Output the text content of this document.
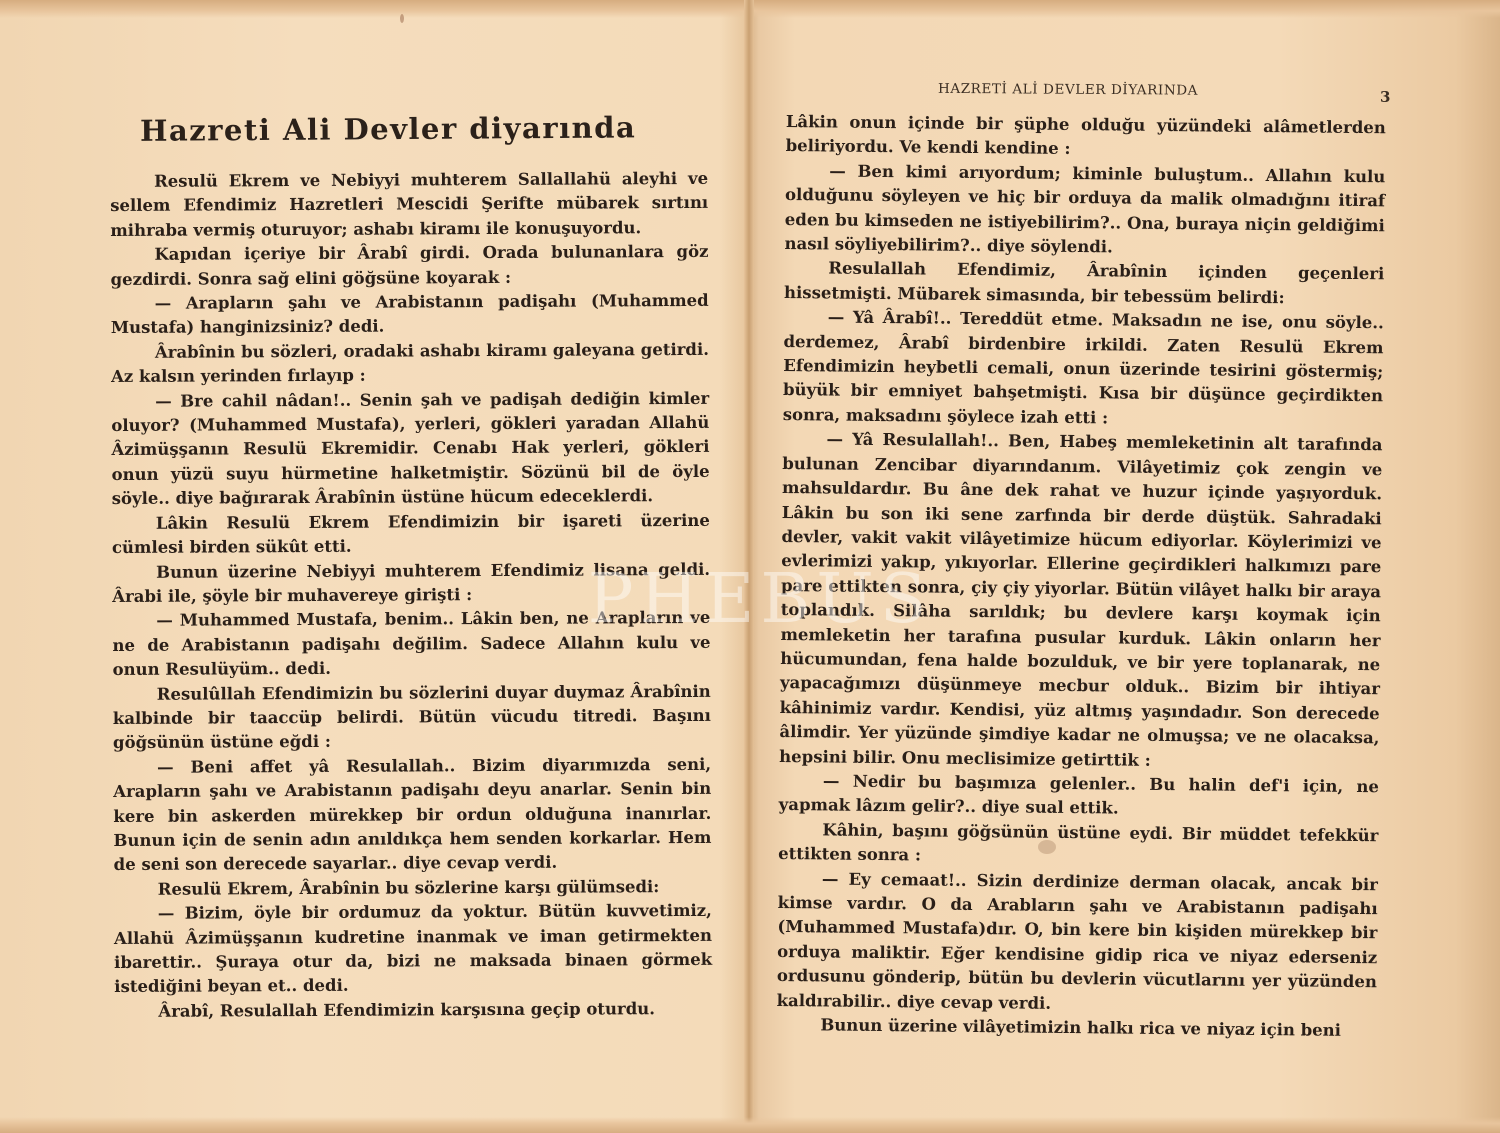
Hazreti Ali Devler diyarında

Resulü Ekrem ve Nebiyyi muhterem Sallallahü aleyhi ve sellem Efendimiz Hazretleri Mescidi Şerifte mübarek sırtını mihraba vermiş oturuyor; ashabı kiramı ile konuşuyordu.

Kapıdan içeriye bir Ârabî girdi. Orada bulunanlara göz gezdirdi. Sonra sağ elini göğsüne koyarak :

— Arapların şahı ve Arabistanın padişahı (Muhammed Mustafa) hanginizsiniz? dedi.

Ârabînin bu sözleri, oradaki ashabı kiramı galeyana getirdi. Az kalsın yerinden fırlayıp :

— Bre cahil nâdan!.. Senin şah ve padişah dediğin kimler oluyor? (Muhammed Mustafa), yerleri, gökleri yaradan Allahü Âzimüşşanın Resulü Ekremidir. Cenabı Hak yerleri, gökleri onun yüzü suyu hürmetine halketmiştir. Sözünü bil de öyle söyle.. diye bağırarak Ârabînin üstüne hücum edeceklerdi.

Lâkin Resulü Ekrem Efendimizin bir işareti üzerine cümlesi birden sükût etti.

Bunun üzerine Nebiyyi muhterem Efendimiz lisana geldi. Ârabi ile, şöyle bir muhavereye girişti :

— Muhammed Mustafa, benim.. Lâkin ben, ne Arapların ve ne de Arabistanın padişahı değilim. Sadece Allahın kulu ve onun Resulüyüm.. dedi.

Resulûllah Efendimizin bu sözlerini duyar duymaz Ârabînin kalbinde bir taaccüp belirdi. Bütün vücudu titredi. Başını göğsünün üstüne eğdi :

— Beni affet yâ Resulallah.. Bizim diyarımızda seni, Arapların şahı ve Arabistanın padişahı deyu anarlar. Senin bin kere bin askerden mürekkep bir ordun olduğuna inanırlar. Bunun için de senin adın anıldıkça hem senden korkarlar. Hem de seni son derecede sayarlar.. diye cevap verdi.

Resulü Ekrem, Ârabînin bu sözlerine karşı gülümsedi:

— Bizim, öyle bir ordumuz da yoktur. Bütün kuvvetimiz, Allahü Âzimüşşanın kudretine inanmak ve iman getirmekten ibarettir.. Şuraya otur da, bizi ne maksada binaen görmek istediğini beyan et.. dedi.

Ârabî, Resulallah Efendimizin karşısına geçip oturdu.

HAZRETİ ALİ DEVLER DİYARINDA	3

Lâkin onun içinde bir şüphe olduğu yüzündeki alâmetlerden beliriyordu. Ve kendi kendine :

— Ben kimi arıyordum; kiminle buluştum.. Allahın kulu olduğunu söyleyen ve hiç bir orduya da malik olmadığını itiraf eden bu kimseden ne istiyebilirim?.. Ona, buraya niçin geldiğimi nasıl söyliyebilirim?.. diye söylendi.

Resulallah Efendimiz, Ârabînin içinden geçenleri hissetmişti. Mübarek simasında, bir tebessüm belirdi:

— Yâ Ârabî!.. Tereddüt etme. Maksadın ne ise, onu söyle.. derdemez, Ârabî birdenbire irkildi. Zaten Resulü Ekrem Efendimizin heybetli cemali, onun üzerinde tesirini göstermiş; büyük bir emniyet bahşetmişti. Kısa bir düşünce geçirdikten sonra, maksadını şöylece izah etti :

— Yâ Resulallah!.. Ben, Habeş memleketinin alt tarafında bulunan Zencibar diyarındanım. Vilâyetimiz çok zengin ve mahsuldardır. Bu âne dek rahat ve huzur içinde yaşıyorduk. Lâkin bu son iki sene zarfında bir derde düştük. Sahradaki devler, vakit vakit vilâyetimize hücum ediyorlar. Köylerimizi ve evlerimizi yakıp, yıkıyorlar. Ellerine geçirdikleri halkımızı pare pare ettikten sonra, çiy çiy yiyorlar. Bütün vilâyet halkı bir araya toplandık. Silâha sarıldık; bu devlere karşı koymak için memleketin her tarafına pusular kurduk. Lâkin onların her hücumundan, fena halde bozulduk, ve bir yere toplanarak, ne yapacağımızı düşünmeye mecbur olduk.. Bizim bir ihtiyar kâhinimiz vardır. Kendisi, yüz altmış yaşındadır. Son derecede âlimdir. Yer yüzünde şimdiye kadar ne olmuşsa; ve ne olacaksa, hepsini bilir. Onu meclisimize getirttik :

— Nedir bu başımıza gelenler.. Bu halin def'i için, ne yapmak lâzım gelir?.. diye sual ettik.

Kâhin, başını göğsünün üstüne eydi. Bir müddet tefekkür ettikten sonra :

— Ey cemaat!.. Sizin derdinize derman olacak, ancak bir kimse vardır. O da Arabların şahı ve Arabistanın padişahı (Muhammed Mustafa)dır. O, bin kere bin kişiden mürekkep bir orduya maliktir. Eğer kendisine gidip rica ve niyaz ederseniz ordusunu gönderip, bütün bu devlerin vücutlarını yer yüzünden kaldırabilir.. diye cevap verdi.

Bunun üzerine vilâyetimizin halkı rica ve niyaz için beni

PHEBUS
